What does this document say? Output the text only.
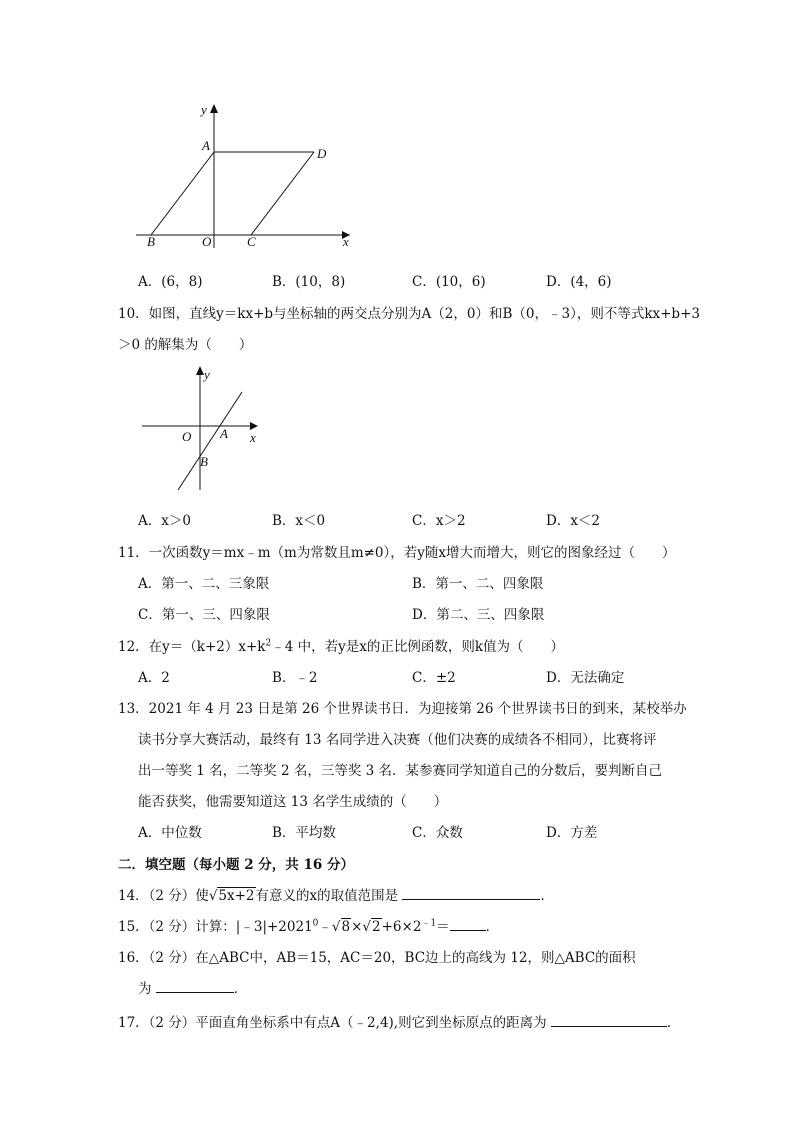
y
x
A
D
B	O	C
A．(6，8)	B．(10，8)	C．(10，6)	D．(4，6)
10．如图，直线y＝kx+b与坐标轴的两交点分别为A（2，0）和B（0，﹣3），则不等式kx+b+3
＞0 的解集为（　　）
y
x
O A
B
A．x＞0	B．x＜0	C．x＞2	D．x＜2
11．一次函数y＝mx﹣m（m为常数且m≠0），若y随x增大而增大，则它的图象经过（　　）
A．第一、二、三象限	B．第一、二、四象限
C．第一、三、四象限	D．第二、三、四象限
12．在$y=(k+2)x+k^2﹣4$ 中，若y是x的正比例函数，则k值为（　　）
A．2	B．﹣2	C．±2	D．无法确定
13．2021 年 4 月 23 日是第 26 个世界读书日．为迎接第 26 个世界读书日的到来，某校举办
读书分享大赛活动，最终有 13 名同学进入决赛（他们决赛的成绩各不相同），比赛将评
出一等奖 1 名，二等奖 2 名，三等奖 3 名．某参赛同学知道自己的分数后，要判断自己
能否获奖，他需要知道这 13 名学生成绩的（　　）
A．中位数	B．平均数	C．众数	D．方差
二．填空题（每小题 2 分，共 16 分）
14．（2 分）使√5x+2有意义的x的取值范围是	．
15．（2 分）计算：$|﹣3|+2021^0﹣√8\times√2+6\times 2^{﹣1}=$	．
16．（2 分）在△ABC中，AB＝15，AC＝20，BC边上的高线为 12，则△ABC的面积
为	．
17．（2 分）平面直角坐标系中有点A（﹣2,4),则它到坐标原点的距离为	．
